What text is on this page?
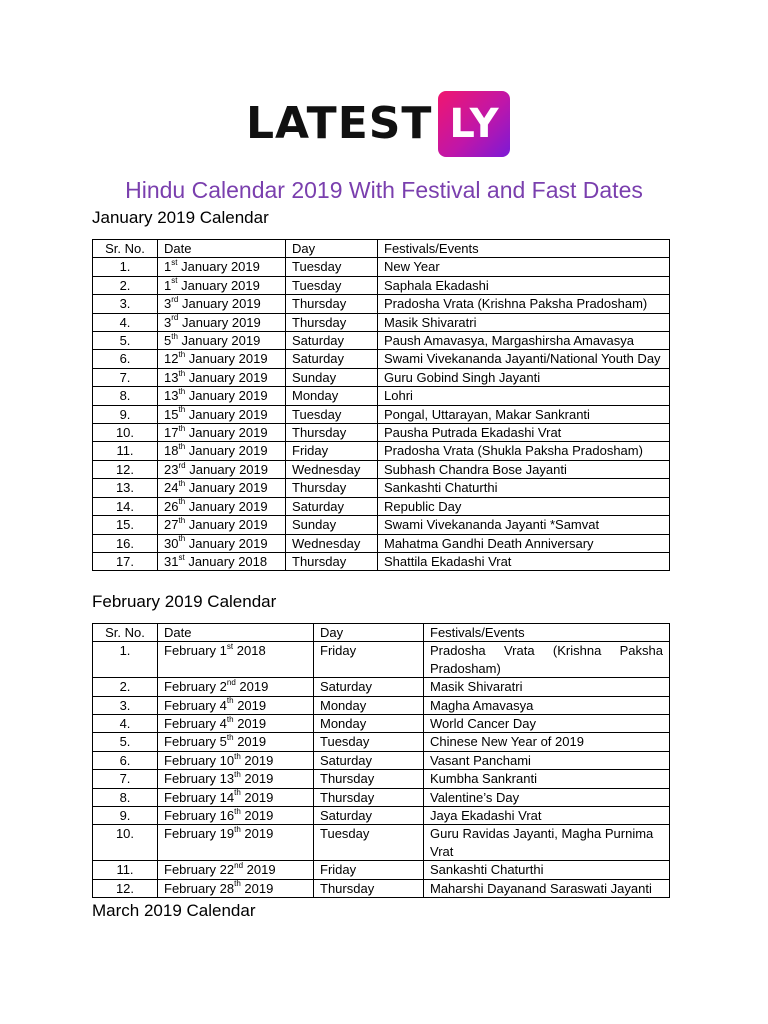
LATEST LY
Hindu Calendar 2019 With Festival and Fast Dates
January 2019 Calendar
Sr. No.	Date	Day	Festivals/Events
1.	1st January 2019	Tuesday	New Year
2.	1st January 2019	Tuesday	Saphala Ekadashi
3.	3rd January 2019	Thursday	Pradosha Vrata (Krishna Paksha Pradosham)
4.	3rd January 2019	Thursday	Masik Shivaratri
5.	5th January 2019	Saturday	Paush Amavasya, Margashirsha Amavasya
6.	12th January 2019	Saturday	Swami Vivekananda Jayanti/National Youth Day
7.	13th January 2019	Sunday	Guru Gobind Singh Jayanti
8.	13th January 2019	Monday	Lohri
9.	15th January 2019	Tuesday	Pongal, Uttarayan, Makar Sankranti
10.	17th January 2019	Thursday	Pausha Putrada Ekadashi Vrat
11.	18th January 2019	Friday	Pradosha Vrata (Shukla Paksha Pradosham)
12.	23rd January 2019	Wednesday	Subhash Chandra Bose Jayanti
13.	24th January 2019	Thursday	Sankashti Chaturthi
14.	26th January 2019	Saturday	Republic Day
15.	27th January 2019	Sunday	Swami Vivekananda Jayanti *Samvat
16.	30th January 2019	Wednesday	Mahatma Gandhi Death Anniversary
17.	31st January 2018	Thursday	Shattila Ekadashi Vrat
February 2019 Calendar
Sr. No.	Date	Day	Festivals/Events
1.	February 1st 2018	Friday	Pradosha Vrata (Krishna Paksha Pradosham)
2.	February 2nd 2019	Saturday	Masik Shivaratri
3.	February 4th 2019	Monday	Magha Amavasya
4.	February 4th 2019	Monday	World Cancer Day
5.	February 5th 2019	Tuesday	Chinese New Year of 2019
6.	February 10th 2019	Saturday	Vasant Panchami
7.	February 13th 2019	Thursday	Kumbha Sankranti
8.	February 14th 2019	Thursday	Valentine’s Day
9.	February 16th 2019	Saturday	Jaya Ekadashi Vrat
10.	February 19th 2019	Tuesday	Guru Ravidas Jayanti, Magha Purnima Vrat
11.	February 22nd 2019	Friday	Sankashti Chaturthi
12.	February 28th 2019	Thursday	Maharshi Dayanand Saraswati Jayanti
March 2019 Calendar
